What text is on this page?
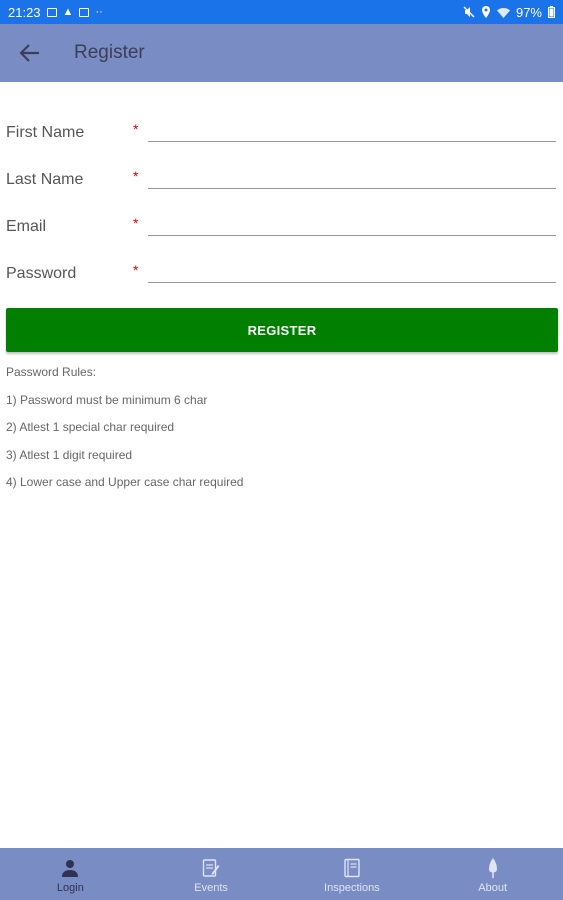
21:23 ▲ ··	97%
Register
First Name	*
Last Name	*
Email	*
Password	*
REGISTER
Password Rules:
1) Password must be minimum 6 char
2) Atlest 1 special char required
3) Atlest 1 digit required
4) Lower case and Upper case char required
Login	Events	Inspections	About
